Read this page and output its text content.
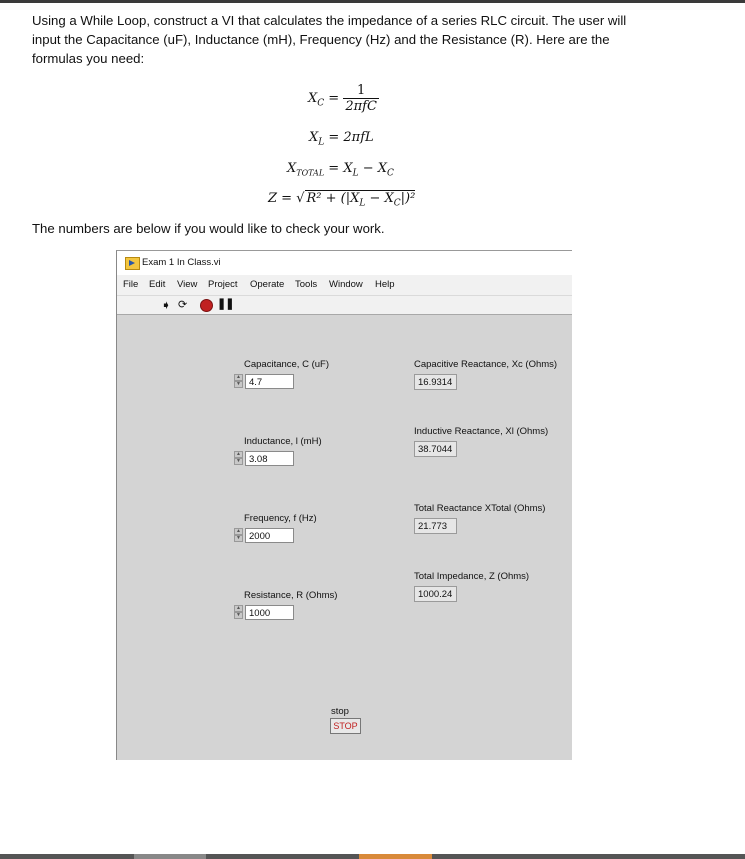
Using a While Loop, construct a VI that calculates the impedance of a series RLC circuit. The user will input the Capacitance (uF), Inductance (mH), Frequency (Hz) and the Resistance (R). Here are the formulas you need:

$X_C = \frac{1}{\text{2πfC}}$
$X_L = 2\pi fL$
$X_{TOTAL} = X_L - X_C$
Z = √ $R^2 + (|X_L - X_C|)^2$

The numbers are below if you would like to check your work.

Exam 1 In Class.vi
File Edit View Project Operate Tools Window Help
➧ ⟳	❚❚
Capacitance, C (uF)
▲
▼ 4.7
Inductance, l (mH)
▲
▼ 3.08
Frequency, f (Hz)
▲
▼ 2000
Resistance, R (Ohms)
▲
▼ 1000
Capacitive Reactance, Xc (Ohms)
16.9314
Inductive Reactance, Xl (Ohms)
38.7044
Total Reactance XTotal (Ohms)
21.773
Total Impedance, Z (Ohms)
1000.24
stop
STOP
